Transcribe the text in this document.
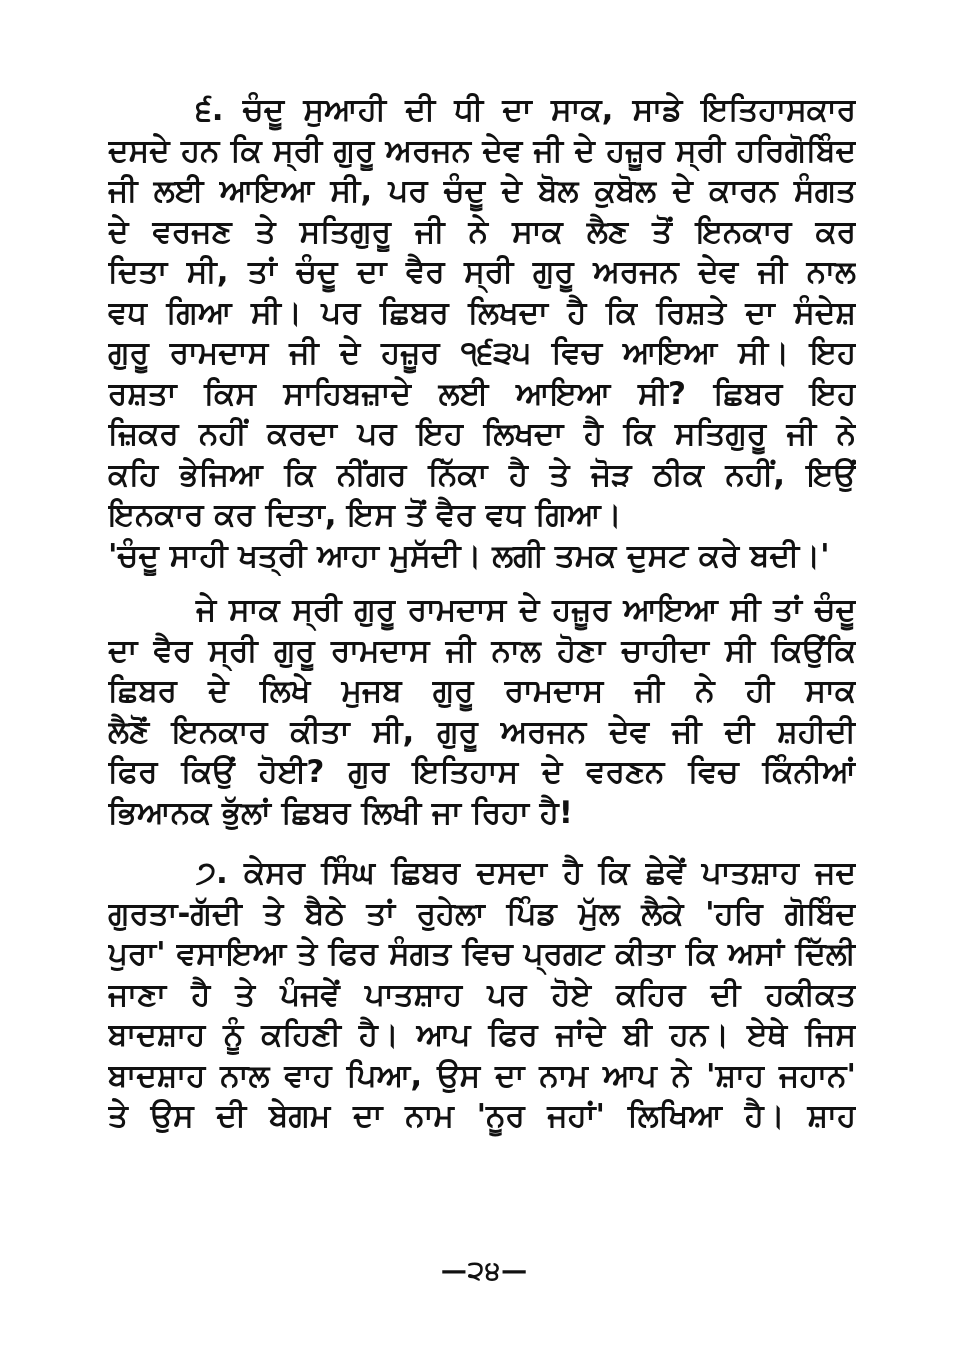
੬. ਚੰਦੂ ਸੁਆਹੀ ਦੀ ਧੀ ਦਾ ਸਾਕ, ਸਾਡੇ ਇਤਿਹਾਸਕਾਰ
ਦਸਦੇ ਹਨ ਕਿ ਸ੍ਰੀ ਗੁਰੂ ਅਰਜਨ ਦੇਵ ਜੀ ਦੇ ਹਜ਼ੂਰ ਸ੍ਰੀ ਹਰਿਗੋਬਿੰਦ
ਜੀ ਲਈ ਆਇਆ ਸੀ, ਪਰ ਚੰਦੂ ਦੇ ਬੋਲ ਕੁਬੋਲ ਦੇ ਕਾਰਨ ਸੰਗਤ
ਦੇ ਵਰਜਣ ਤੇ ਸਤਿਗੁਰੂ ਜੀ ਨੇ ਸਾਕ ਲੈਣ ਤੋਂ ਇਨਕਾਰ ਕਰ
ਦਿਤਾ ਸੀ, ਤਾਂ ਚੰਦੂ ਦਾ ਵੈਰ ਸ੍ਰੀ ਗੁਰੂ ਅਰਜਨ ਦੇਵ ਜੀ ਨਾਲ
ਵਧ ਗਿਆ ਸੀ। ਪਰ ਛਿਬਰ ਲਿਖਦਾ ਹੈ ਕਿ ਰਿਸ਼ਤੇ ਦਾ ਸੰਦੇਸ਼
ਗੁਰੂ ਰਾਮਦਾਸ ਜੀ ਦੇ ਹਜ਼ੂਰ ੧੬੩੫ ਵਿਚ ਆਇਆ ਸੀ। ਇਹ
ਰਸ਼ਤਾ ਕਿਸ ਸਾਹਿਬਜ਼ਾਦੇ ਲਈ ਆਇਆ ਸੀ? ਛਿਬਰ ਇਹ
ਜ਼ਿਕਰ ਨਹੀਂ ਕਰਦਾ ਪਰ ਇਹ ਲਿਖਦਾ ਹੈ ਕਿ ਸਤਿਗੁਰੂ ਜੀ ਨੇ
ਕਹਿ ਭੇਜਿਆ ਕਿ ਨੀਂਗਰ ਨਿੱਕਾ ਹੈ ਤੇ ਜੋੜ ਠੀਕ ਨਹੀਂ, ਇਉਂ
ਇਨਕਾਰ ਕਰ ਦਿਤਾ, ਇਸ ਤੋਂ ਵੈਰ ਵਧ ਗਿਆ।
'ਚੰਦੂ ਸਾਹੀ ਖਤ੍ਰੀ ਆਹਾ ਮੁਸੱਦੀ। ਲਗੀ ਤਮਕ ਦੁਸਟ ਕਰੇ ਬਦੀ।'
ਜੇ ਸਾਕ ਸ੍ਰੀ ਗੁਰੂ ਰਾਮਦਾਸ ਦੇ ਹਜ਼ੂਰ ਆਇਆ ਸੀ ਤਾਂ ਚੰਦੂ
ਦਾ ਵੈਰ ਸ੍ਰੀ ਗੁਰੂ ਰਾਮਦਾਸ ਜੀ ਨਾਲ ਹੋਣਾ ਚਾਹੀਦਾ ਸੀ ਕਿਉਂਕਿ
ਛਿਬਰ ਦੇ ਲਿਖੇ ਮੁਜਬ ਗੁਰੂ ਰਾਮਦਾਸ ਜੀ ਨੇ ਹੀ ਸਾਕ
ਲੈਣੋਂ ਇਨਕਾਰ ਕੀਤਾ ਸੀ, ਗੁਰੂ ਅਰਜਨ ਦੇਵ ਜੀ ਦੀ ਸ਼ਹੀਦੀ
ਫਿਰ ਕਿਉਂ ਹੋਈ? ਗੁਰ ਇਤਿਹਾਸ ਦੇ ਵਰਣਨ ਵਿਚ ਕਿੰਨੀਆਂ
ਭਿਆਨਕ ਭੁੱਲਾਂ ਛਿਬਰ ਲਿਖੀ ਜਾ ਰਿਹਾ ਹੈ!
੭. ਕੇਸਰ ਸਿੰਘ ਛਿਬਰ ਦਸਦਾ ਹੈ ਕਿ ਛੇਵੇਂ ਪਾਤਸ਼ਾਹ ਜਦ
ਗੁਰਤਾ-ਗੱਦੀ ਤੇ ਬੈਠੇ ਤਾਂ ਰੁਹੇਲਾ ਪਿੰਡ ਮੁੱਲ ਲੈਕੇ 'ਹਰਿ ਗੋਬਿੰਦ
ਪੁਰਾ' ਵਸਾਇਆ ਤੇ ਫਿਰ ਸੰਗਤ ਵਿਚ ਪ੍ਰਗਟ ਕੀਤਾ ਕਿ ਅਸਾਂ ਦਿੱਲੀ
ਜਾਣਾ ਹੈ ਤੇ ਪੰਜਵੇਂ ਪਾਤਸ਼ਾਹ ਪਰ ਹੋਏ ਕਹਿਰ ਦੀ ਹਕੀਕਤ
ਬਾਦਸ਼ਾਹ ਨੂੰ ਕਹਿਣੀ ਹੈ। ਆਪ ਫਿਰ ਜਾਂਦੇ ਬੀ ਹਨ। ਏਥੇ ਜਿਸ
ਬਾਦਸ਼ਾਹ ਨਾਲ ਵਾਹ ਪਿਆ, ਉਸ ਦਾ ਨਾਮ ਆਪ ਨੇ 'ਸ਼ਾਹ ਜਹਾਨ'
ਤੇ ਉਸ ਦੀ ਬੇਗਮ ਦਾ ਨਾਮ 'ਨੂਰ ਜਹਾਂ' ਲਿਖਿਆ ਹੈ। ਸ਼ਾਹ
—੨੪—
